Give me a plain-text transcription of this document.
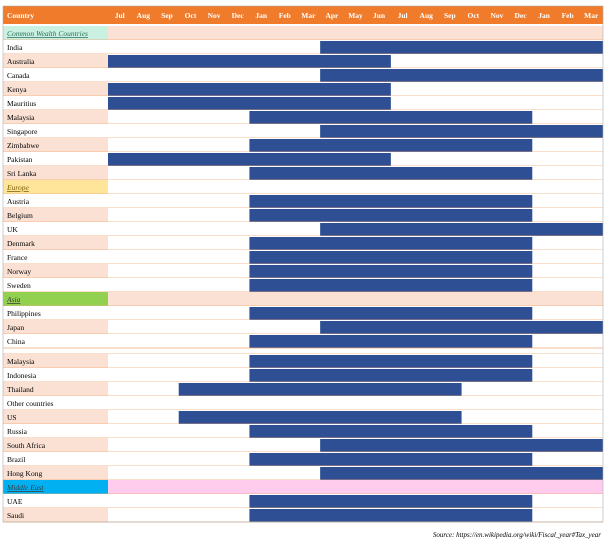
Country	Jul Aug Sep Oct Nov Dec Jan Feb Mar Apr May Jun Jul Aug Sep Oct Nov Dec Jan Feb Mar
Common Wealth Countries
India
Australia
Canada
Kenya
Mauritius
Malaysia
Singapore
Zimbabwe
Pakistan
Sri Lanka
Europe
Austria
Belgium
UK
Denmark
France
Norway
Sweden
Asia
Philippines
Japan
China
Malaysia
Indonesia
Thailand
Other countries
US
Russia
South Africa
Brazil
Hong Kong
Middle East
UAE
Saudi
Source: https://en.wikipedia.org/wiki/Fiscal_year#Tax_year
